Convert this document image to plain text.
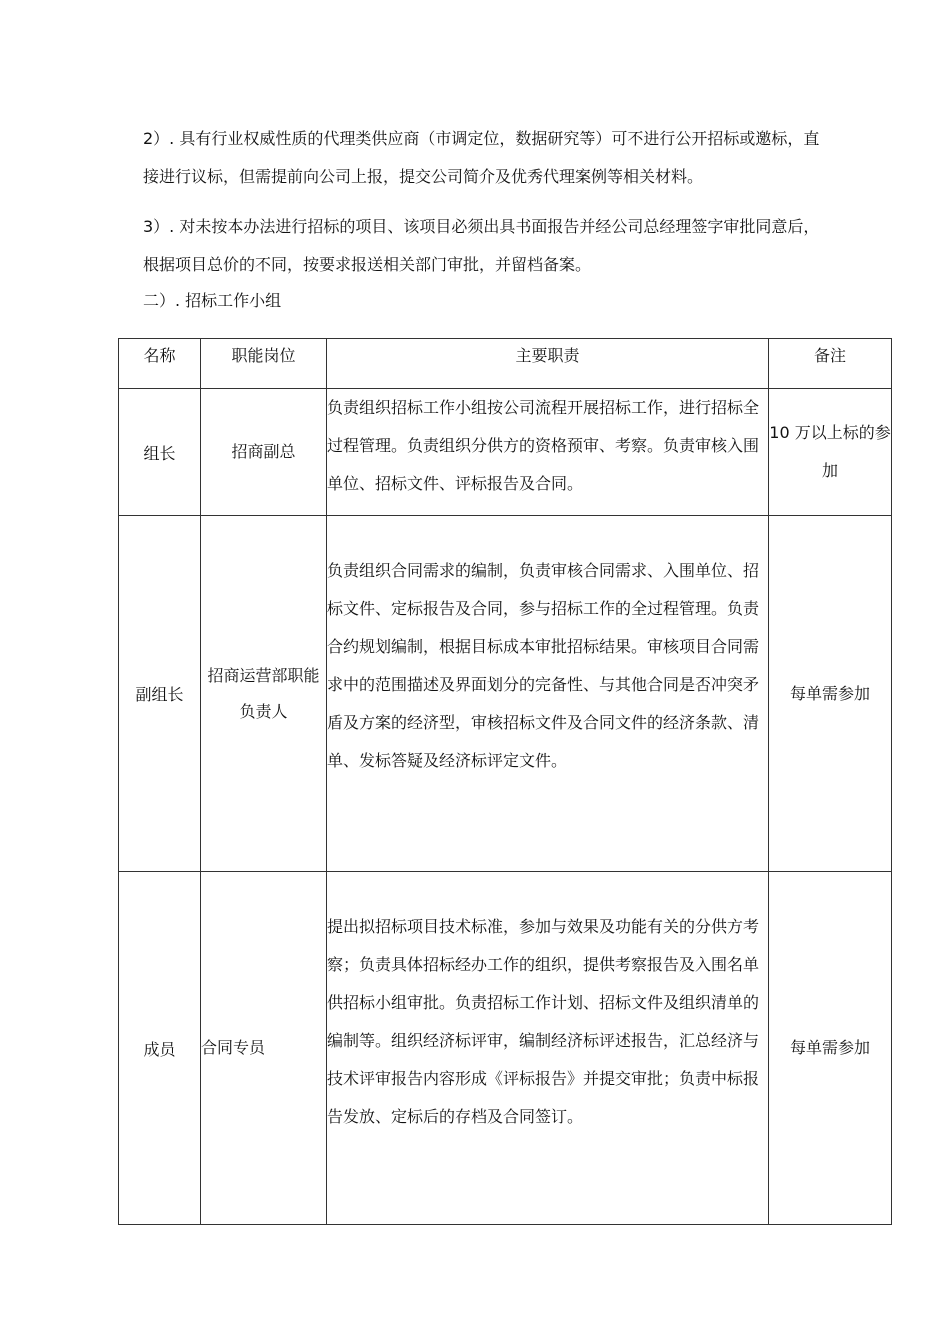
2）. 具有行业权威性质的代理类供应商（市调定位，数据研究等）可不进行公开招标或邀标，直接进行议标，但需提前向公司上报，提交公司简介及优秀代理案例等相关材料。

3）. 对未按本办法进行招标的项目、该项目必须出具书面报告并经公司总经理签字审批同意后，根据项目总价的不同，按要求报送相关部门审批，并留档备案。

二）. 招标工作小组

名称	职能岗位	主要职责	备注
组长	招商副总	负责组织招标工作小组按公司流程开展招标工作，进行招标全过程管理。负责组织分供方的资格预审、考察。负责审核入围单位、招标文件、评标报告及合同。	10 万以上标的参加
副组长	招商运营部职能负责人	负责组织合同需求的编制，负责审核合同需求、入围单位、招标文件、定标报告及合同，参与招标工作的全过程管理。负责合约规划编制，根据目标成本审批招标结果。审核项目合同需求中的范围描述及界面划分的完备性、与其他合同是否冲突矛盾及方案的经济型，审核招标文件及合同文件的经济条款、清单、发标答疑及经济标评定文件。	每单需参加
成员	合同专员	提出拟招标项目技术标准，参加与效果及功能有关的分供方考察；负责具体招标经办工作的组织，提供考察报告及入围名单供招标小组审批。负责招标工作计划、招标文件及组织清单的编制等。组织经济标评审，编制经济标评述报告，汇总经济与技术评审报告内容形成《评标报告》并提交审批；负责中标报告发放、定标后的存档及合同签订。	每单需参加
